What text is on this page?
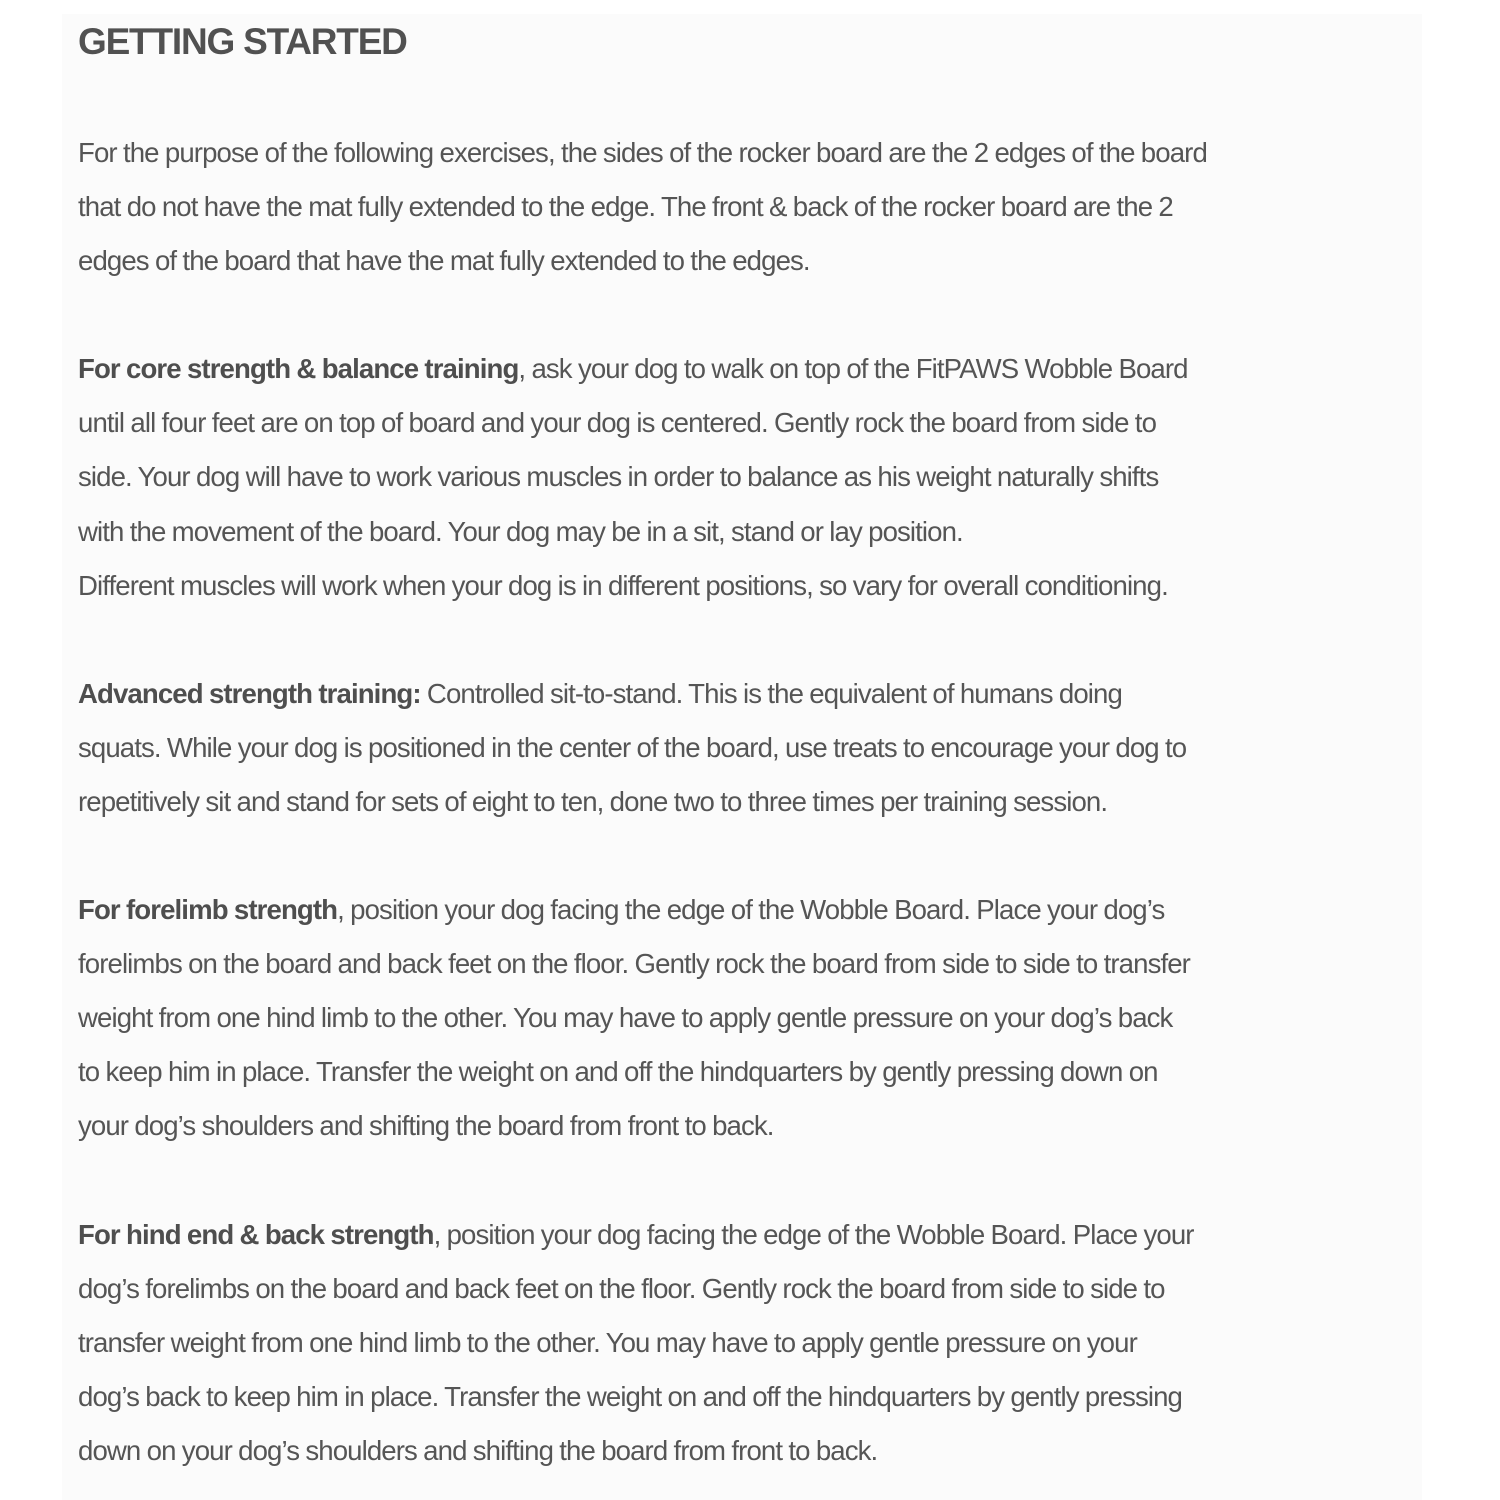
GETTING STARTED

For the purpose of the following exercises, the sides of the rocker board are the 2 edges of the board
that do not have the mat fully extended to the edge. The front & back of the rocker board are the 2
edges of the board that have the mat fully extended to the edges.

For core strength & balance training, ask your dog to walk on top of the FitPAWS Wobble Board
until all four feet are on top of board and your dog is centered. Gently rock the board from side to
side. Your dog will have to work various muscles in order to balance as his weight naturally shifts
with the movement of the board. Your dog may be in a sit, stand or lay position.
Different muscles will work when your dog is in different positions, so vary for overall conditioning.

Advanced strength training: Controlled sit-to-stand. This is the equivalent of humans doing
squats. While your dog is positioned in the center of the board, use treats to encourage your dog to
repetitively sit and stand for sets of eight to ten, done two to three times per training session.

For forelimb strength, position your dog facing the edge of the Wobble Board. Place your dog’s
forelimbs on the board and back feet on the floor. Gently rock the board from side to side to transfer
weight from one hind limb to the other. You may have to apply gentle pressure on your dog’s back
to keep him in place. Transfer the weight on and off the hindquarters by gently pressing down on
your dog’s shoulders and shifting the board from front to back.

For hind end & back strength, position your dog facing the edge of the Wobble Board. Place your
dog’s forelimbs on the board and back feet on the floor. Gently rock the board from side to side to
transfer weight from one hind limb to the other. You may have to apply gentle pressure on your
dog’s back to keep him in place. Transfer the weight on and off the hindquarters by gently pressing
down on your dog’s shoulders and shifting the board from front to back.
